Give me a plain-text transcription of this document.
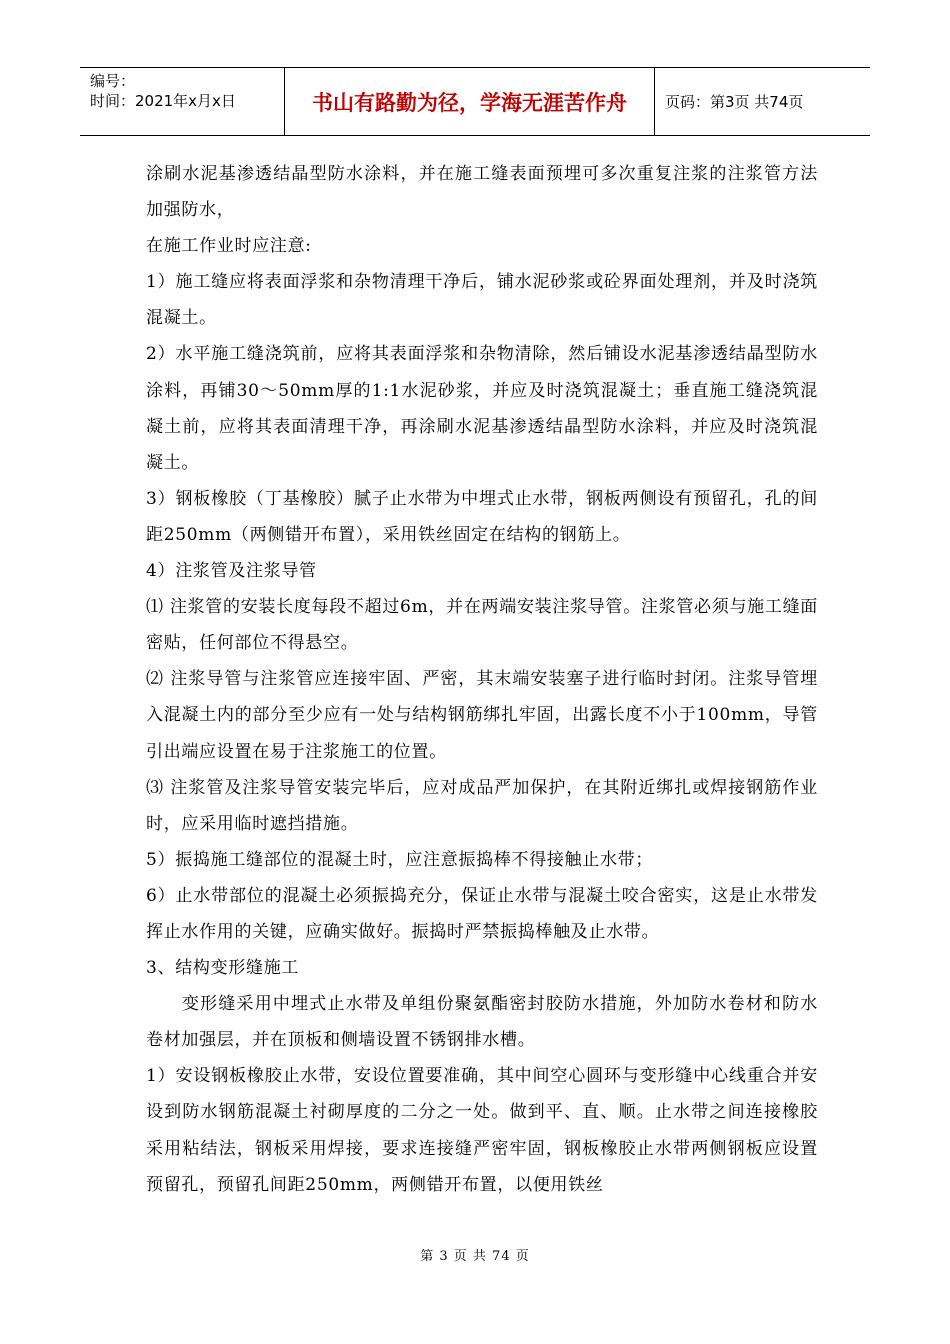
编号：
时间：2021年x月x日	书山有路勤为径，学海无涯苦作舟	页码：第3页 共74页

涂刷水泥基渗透结晶型防水涂料，并在施工缝表面预埋可多次重复注浆的注浆管方法加强防水，

在施工作业时应注意:

1）施工缝应将表面浮浆和杂物清理干净后，铺水泥砂浆或砼界面处理剂，并及时浇筑混凝土。

2）水平施工缝浇筑前，应将其表面浮浆和杂物清除，然后铺设水泥基渗透结晶型防水涂料，再铺30～50mm厚的1:1水泥砂浆，并应及时浇筑混凝土；垂直施工缝浇筑混凝土前，应将其表面清理干净，再涂刷水泥基渗透结晶型防水涂料，并应及时浇筑混凝土。

3）钢板橡胶（丁基橡胶）腻子止水带为中埋式止水带，钢板两侧设有预留孔，孔的间距250mm（两侧错开布置），采用铁丝固定在结构的钢筋上。

4）注浆管及注浆导管

⑴ 注浆管的安装长度每段不超过6m，并在两端安装注浆导管。注浆管必须与施工缝面密贴，任何部位不得悬空。

⑵ 注浆导管与注浆管应连接牢固、严密，其末端安装塞子进行临时封闭。注浆导管埋入混凝土内的部分至少应有一处与结构钢筋绑扎牢固，出露长度不小于100mm，导管引出端应设置在易于注浆施工的位置。

⑶ 注浆管及注浆导管安装完毕后，应对成品严加保护，在其附近绑扎或焊接钢筋作业时，应采用临时遮挡措施。

5）振捣施工缝部位的混凝土时，应注意振捣棒不得接触止水带；

6）止水带部位的混凝土必须振捣充分，保证止水带与混凝土咬合密实，这是止水带发挥止水作用的关键，应确实做好。振捣时严禁振捣棒触及止水带。

3、结构变形缝施工

变形缝采用中埋式止水带及单组份聚氨酯密封胶防水措施，外加防水卷材和防水卷材加强层，并在顶板和侧墙设置不锈钢排水槽。

1）安设钢板橡胶止水带，安设位置要准确，其中间空心圆环与变形缝中心线重合并安设到防水钢筋混凝土衬砌厚度的二分之一处。做到平、直、顺。止水带之间连接橡胶采用粘结法，钢板采用焊接，要求连接缝严密牢固，钢板橡胶止水带两侧钢板应设置预留孔，预留孔间距250mm，两侧错开布置，以便用铁丝

第 3 页 共 74 页
